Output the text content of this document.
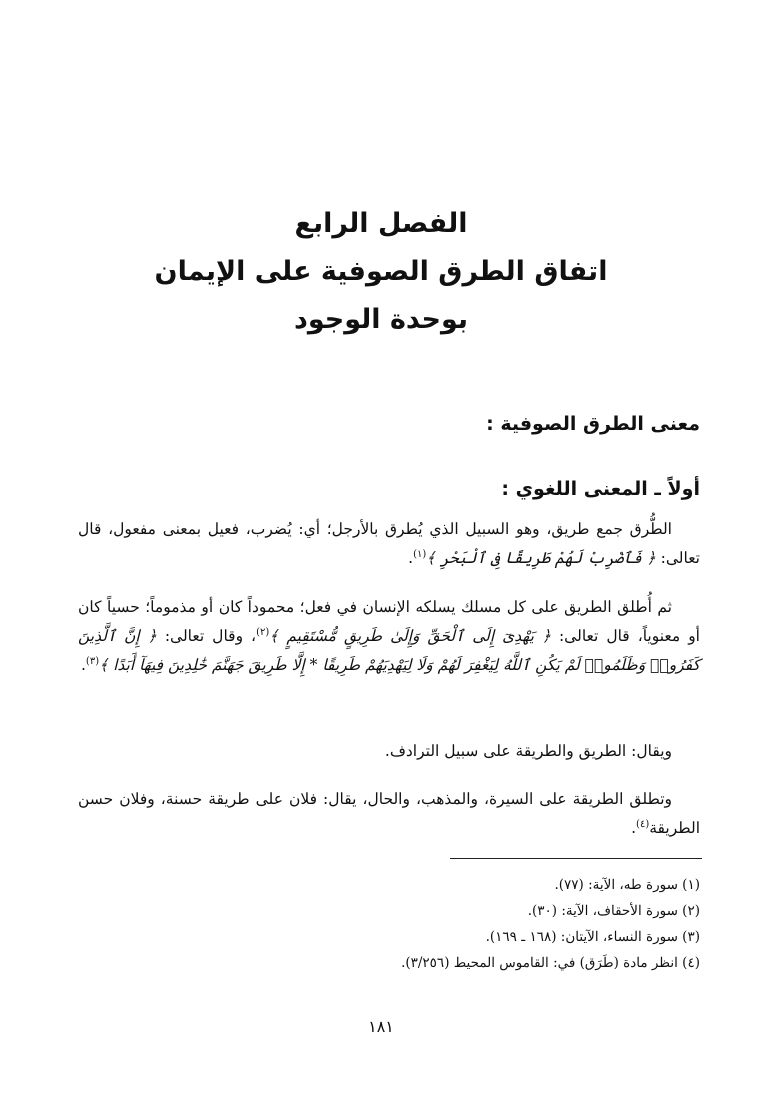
الفصل الرابع
اتفاق الطرق الصوفية على الإيمان
بوحدة الوجود
معنى الطرق الصوفية :
أولاً ـ المعنى اللغوي :
الطُّرق جمع طريق، وهو السبيل الذي يُطرق بالأرجل؛ أي: يُضرب، فعيل بمعنى مفعول، قال تعالى: ﴿ فَٱضْرِبْ لَهُمْ طَرِيقًا فِى ٱلْبَحْرِ ﴾$^{(١)}$.
ثم أُطلق الطريق على كل مسلك يسلكه الإنسان في فعل؛ محموداً كان أو مذموماً؛ حسياً كان أو معنوياً، قال تعالى: ﴿ يَهْدِىٓ إِلَى ٱلْحَقِّ وَإِلَىٰ طَرِيقٍ مُّسْتَقِيمٍ ﴾$^{(٢)}$، وقال تعالى: ﴿ إِنَّ ٱلَّذِينَ كَفَرُوا۟ وَظَلَمُوا۟ لَمْ يَكُنِ ٱللَّهُ لِيَغْفِرَ لَهُمْ وَلَا لِيَهْدِيَهُمْ طَرِيقًا * إِلَّا طَرِيقَ جَهَنَّمَ خَٰلِدِينَ فِيهَآ أَبَدًا ﴾$^{(٣)}$.
ويقال: الطريق والطريقة على سبيل الترادف.
وتطلق الطريقة على السيرة، والمذهب، والحال، يقال: فلان على طريقة حسنة، وفلان حسن الطريقة$^{(٤)}$.
(١) سورة طه، الآية: (٧٧).
(٢) سورة الأحقاف، الآية: (٣٠).
(٣) سورة النساء، الآيتان: (١٦٨ ـ ١٦٩).
(٤) انظر مادة (طَرَق) في: القاموس المحيط (٣/٢٥٦).
١٨١
